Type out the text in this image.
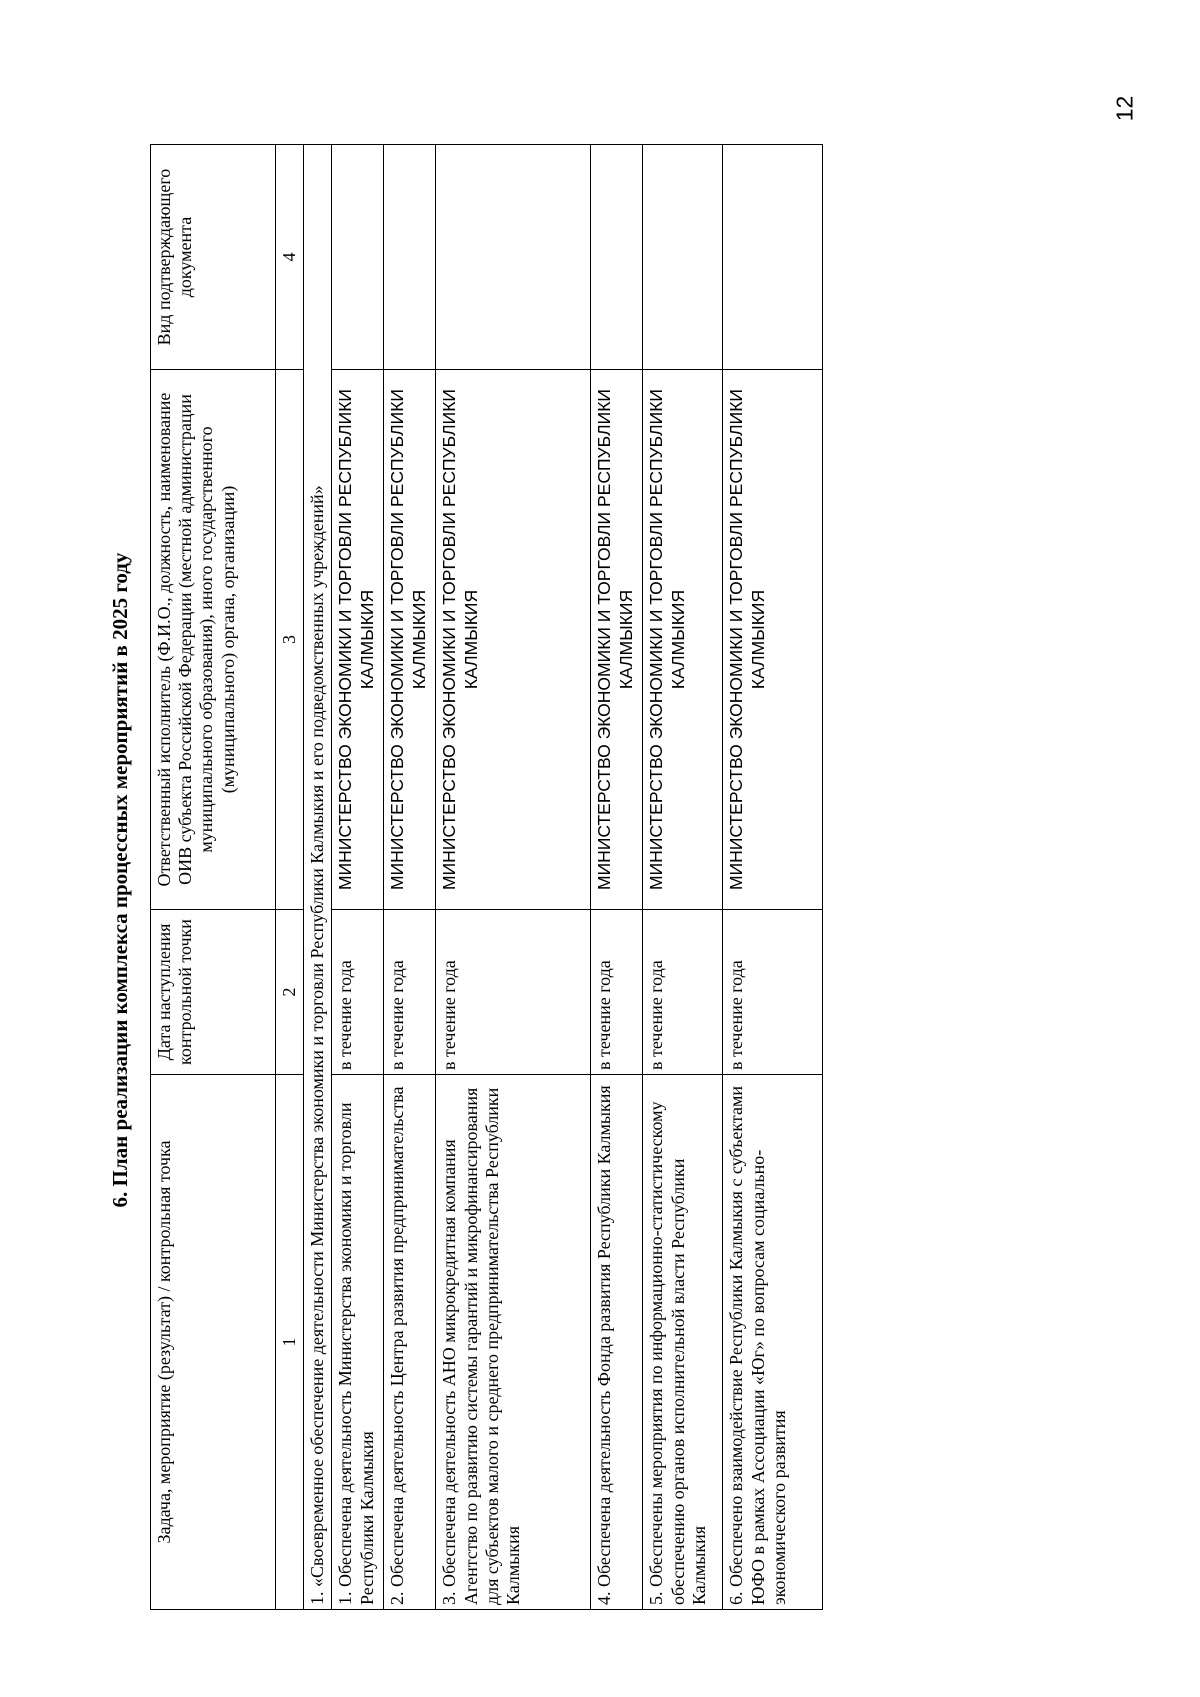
12
6. План реализации комплекса процессных мероприятий в 2025 году
Задача, мероприятие (результат) / контрольная точка	Дата наступления контрольной точки	Ответственный исполнитель (Ф.И.О., должность, наименование ОИВ субъекта Российской Федерации (местной администрации муниципального образования), иного государственного (муниципального) органа, организации)	Вид подтверждающего документа
1	2	3	4
1. «Своевременное обеспечение деятельности Министерства экономики и торговли Республики Калмыкия и его подведомственных учреждений»			
1. Обеспечена деятельность Министерства экономики и торговли Республики Калмыкия	в течение года	МИНИСТЕРСТВО ЭКОНОМИКИ И ТОРГОВЛИ РЕСПУБЛИКИ КАЛМЫКИЯ	
2. Обеспечена деятельность Центра развития предпринимательства	в течение года	МИНИСТЕРСТВО ЭКОНОМИКИ И ТОРГОВЛИ РЕСПУБЛИКИ КАЛМЫКИЯ	
3. Обеспечена деятельность АНО микрокредитная компания Агентство по развитию системы гарантий и микрофинансирования для субъектов малого и среднего предпринимательства Республики Калмыкия	в течение года	МИНИСТЕРСТВО ЭКОНОМИКИ И ТОРГОВЛИ РЕСПУБЛИКИ КАЛМЫКИЯ	
4. Обеспечена деятельность Фонда развития Республики Калмыкия	в течение года	МИНИСТЕРСТВО ЭКОНОМИКИ И ТОРГОВЛИ РЕСПУБЛИКИ КАЛМЫКИЯ	
5. Обеспечены мероприятия по информационно-статистическому обеспечению органов исполнительной власти Республики Калмыкия	в течение года	МИНИСТЕРСТВО ЭКОНОМИКИ И ТОРГОВЛИ РЕСПУБЛИКИ КАЛМЫКИЯ	
6. Обеспечено взаимодействие Республики Калмыкия с субъектами ЮФО в рамках Ассоциации «Юг» по вопросам социально-экономического развития	в течение года	МИНИСТЕРСТВО ЭКОНОМИКИ И ТОРГОВЛИ РЕСПУБЛИКИ КАЛМЫКИЯ	
